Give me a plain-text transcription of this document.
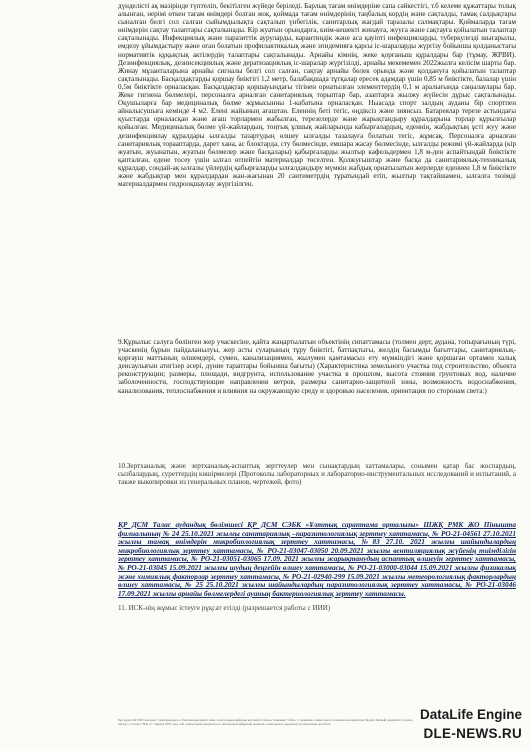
дүнделісті ақ мазірінде түптеліп, бекітілген жүйеде беріледі. Барлық тағам өнімдеріне сапа сәйкестігі, т.б келеме құжаттары толық алынған, нерімі өткен тағам өнімдері болған жоқ, қоймада тағам өнімдерінің таңбалық кордің және сақталды, тамақ салдықтары сыналған белгі сол салған сыйымдылықта сақталып үнбегілік, санитарлық жағдай таразалы салмақтары. Қоймаларда тағам өнімдерін сақтау талаптары сақталынады. Кір жуатын орындарға, киім-кешекті жинауға, жууға және сақтауға қойылатын талаптар сақталынады. Инфекциялық және паразиттік ауруларды, карантиндік және аса қауіпті инфекцияларды, туберкулезді шығарылы, емделу ұйымдастыру және оған болатын профилактикалық және эпидемияға қарсы іс-шараларды жүргізу бойынша қолданыстағы нормативтік құқықтық актілердің талаптары сақталынады. Арнайы кімнің, жеке қорғаныш құралдары бар (тұмау, ЖРВИ). Дезинфекциялық, дезинсекциялық және дератизациялық іс-шаралар жүргізілді, арнайы мекемемен 2022жылға келісім шарты бар. Жинау мұзанталарына арнайы сигналы белгі сол салған, сақтау арнайы бөлек орында және қолдануға қойылатын талаптар сақталынады. Басқалдақтарды қоршау биіктігі 1,2 метр, балабақшада тұтқалар ересек адамдар үшін 0,85 м биіктікте, балалар үшін 0,5м биіктікте орналасқан. Басқалдақтар қоршауындағы тігінен орнатылған элементтердің 0,1 м аралығында саңылаулары бар. Жеке гигиена бөлмелері, персоналға арналған санитариялық торыптар бар, азаптарға жылжу жүйесін дұрыс сақталынады. Оқушыларға бар медициналық бөлме жұмысынны 1-кабатына орналасқан. Ныасада спорт залдың ауданы бір спортпен айналысушыға кемінде 4 м2. Елені жайының ағаштан. Еленнің беті тегіс, өңдіксіз және зиянсыз. Батареялар терезе астындағы қуыстарда орналасқан және ағаш торлармен жабылған, терезелерде және жарықтандыру құралдарына торлар құрылғылар қойылған. Медициналық бөлме үй-жайлардың, тоңтық ұлшық жайларында кабырғалардың, еденнің, жабдықтың ұстi жуу және дезинфекциялау құралдары ылғалды тазартудың өлшеу ылғалды тазалауға болатын тегіс, жұмсақ. Персоналға арналған санитариялық торааптарда, дәрет хана, ас блоктарда, сту бөлмесінде, емшара жасау бөлмесінде, ылғалды режимі үй-жайлардa (кір жуатын, жуынатын, жуатын бөлмелер және басқалары) қабырғаларды жылтыр кафельдермен 1,8 м-ден аспайтындай биіктікте қапталған, едене тосеу үшін ылғал өтпейтін материалдар төселген. Қолжуғыштар және басқа да санитариялық-техникалық құралдар, сондай-ақ ылғалы үйлердің қабырғаларды ылғалдандыру мүмкін жабдық орнатылатын жерлерде еденнен 1,8 м биіктікте және жабдықтар мен құралдардан жан-жағынан 20 сантиметрдің тұратындай етіп, жылтыр тақтайшамен, ылғалға төзімді материалдармен гидрооқшаулау жүргізілген.
9.Құрылыс салуға бөлінген жер учаскесіне, қайта жаңартылатын объектінің сипаттамасы (толмен дерт, аудана, топырағының түрі, учаскенің бұрын пайдаланылуы, жер асты суларының тұру биіктігі, батпақтығы, желдің басымды бағыттары, санитариялық-қорғауш маттының өлшемдері, сумен, канализациямен, жылумен қамтамасыз ету мүмкіндігі және қоршаған ортамен халық денсаулығын атигізер әсері, дүние тараптары бойынша бағыты) (Характеристика земельного участка под строительство, объекта реконструкции; размеры, площади, видгрунта, использование участка в прошлом, высота стояния грунтовых вод, наличие заболоченности, господствующие направления ветров, размеры санитарно-защитной зоны, возможность водоснабжения, канализования, теплоснабжения и влияния на окружающую среду и здоровью населения, ориентация по сторонам света:)
10.Зертханалық және зертханалық-аспаптық зерттеулер мен сынақтардың хаттамалары, сонымен қатар бас жоспардың, сызбалардың, суреттердің көшірмелері (Протоколы лабораторных и лабораторно-инструментальных исследований и испытаний, а также выкопировки из генеральных планов, чертежей, фото)
ҚР ДСМ Талас аудандық бөлімшесі ҚР ДСМ СЭБК «Ұлттық сараптама орталығы» ШЖҚ РМК ЖО Пінышта филиалының № 24 25.10.2021 жылғы санитариялық –паразитологиялық зерттеу хаттамасы, № РО-21-04561 27.10.2021 жылғы тамақ өнімдерін микробиологиялық зерттеу хаттамасы, №83 27.10. 2021 жылғы шайындылардың микробиологиялық зерттеу хаттамасы, № РО-21-03047-03050 20.09.2021 жылғы вентиляциялық жүйенің тиімділігін зерттеу хаттамасы, № РО-21-03051-03065 17.09. 2021 жылғы жарықтанудың аспаптық өлшеуін зерттеу хаттамасы, № РО-21-03045 15.09.2021 жылғы шудың деңгейін өлшеу хаттамасы, № РО-21-03000-03044 15.09.2021 жылғы физикалық және химиялық факторлар зерттеу хаттамасы, № РО-21-02940-299 15.09.2021 жылғы метеорологиялық факторлардың өлшеу хаттамасы, № 25 25.10.2021 жылғы шайындылардың паразитологиялық зерттеу хаттамасы, № РО-21-03046 17.09.2021 жылғы арнайы бөлмелердегі ауаның бактериологиялық зерттеу хаттамасы.
11. ИСК-нің жұмыс істеуге рұқсат етілді (разрешается работы с ИИИ)
Бұл құжат ҚР 2003 жылдың 7 қаңтарындағы «Электрондық құжат және электрондық цифрлық қолтаңба туралы» Заңының 7 бабы, 1 тармағына сәйкес қағаз тасығыштағы құжатпен бірдей. Данный документ согласно пункту 1 статьи 7 ЗРК от 7 января 2003 года «Об электронном документе и электронной цифровой подписи» равнозначен документу на бумажном носителе.
DataLife Engine
DLE-NEWS.RU
